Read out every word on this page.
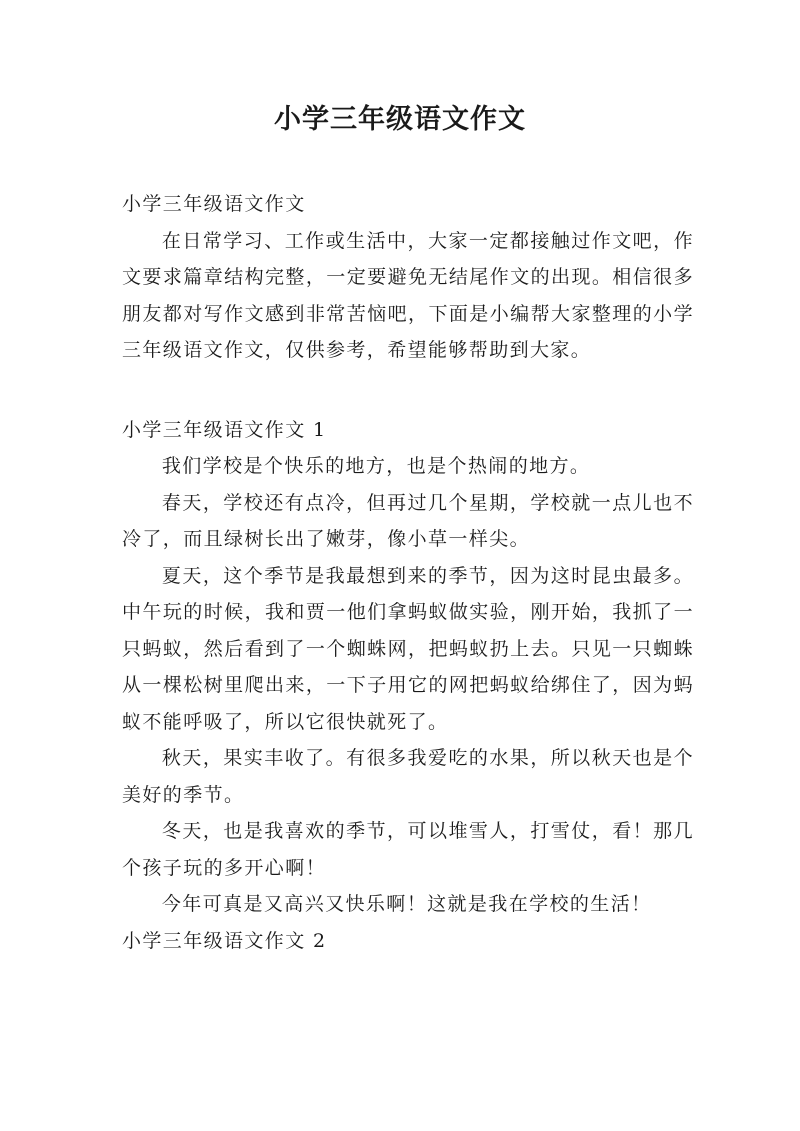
小学三年级语文作文

小学三年级语文作文

在日常学习、工作或生活中，大家一定都接触过作文吧，作文要求篇章结构完整，一定要避免无结尾作文的出现。相信很多朋友都对写作文感到非常苦恼吧，下面是小编帮大家整理的小学三年级语文作文，仅供参考，希望能够帮助到大家。

小学三年级语文作文 1

我们学校是个快乐的地方，也是个热闹的地方。

春天，学校还有点冷，但再过几个星期，学校就一点儿也不冷了，而且绿树长出了嫩芽，像小草一样尖。

夏天，这个季节是我最想到来的季节，因为这时昆虫最多。中午玩的时候，我和贾一他们拿蚂蚁做实验，刚开始，我抓了一只蚂蚁，然后看到了一个蜘蛛网，把蚂蚁扔上去。只见一只蜘蛛从一棵松树里爬出来，一下子用它的网把蚂蚁给绑住了，因为蚂蚁不能呼吸了，所以它很快就死了。

秋天，果实丰收了。有很多我爱吃的水果，所以秋天也是个美好的季节。

冬天，也是我喜欢的季节，可以堆雪人，打雪仗，看！那几个孩子玩的多开心啊！

今年可真是又高兴又快乐啊！这就是我在学校的生活！

小学三年级语文作文 2
